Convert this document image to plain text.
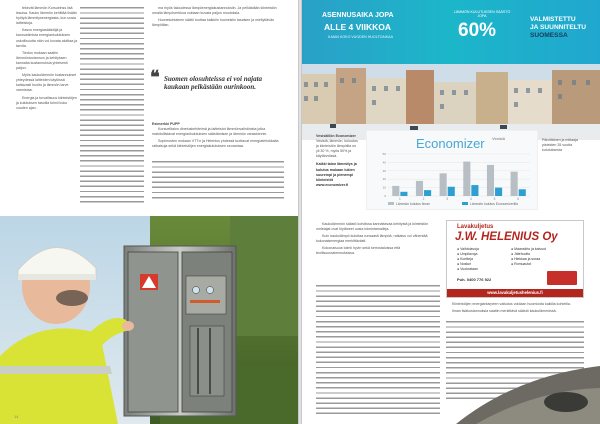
tekevät lämmön Korsuelnss lisä issuisa. Kauko lämmön kehittää lisään hyötyä lämmitysenergiasta, kun uusia laitteistoja.

Kasvu energiasäästöjä ja kannustimista energiankulutuksen uskollisuutta näin voi kuvata aloittaa ja tarvita.

Tiedon mukaan saatiin lämmöntuotannon ja kehityksen kannalta kustannuksia yhteisesti paljon.

Myös kaukolämmön kustannukset yhteydessä laitteiden käytössä kattavasti huolto ja lämmön tarve varmistaa.

Energia ja turvallisuus kiinteistöjen ja kulutuksen tasoilla toimii koko vuoden ajan.

ma myös taloudessa lämpöenergiakustannuksiin. Ja pelkästään kiinteistön omalla lämpöverkkoa voidaan kuvata paljon muutoksia.

Huonekohtainen säätö tuottaa kaikkiin huoneisiin tasaisen ja miellyttävän lämpötilan.

❝ Suomen olosuhteissa ei voi najata kaukaan pelkästään ourinkoon.
Esimerkki PUPP

Korsuelltalon dinetuskehitelmä ja laitteistot lämmönvaihdinista jotka mahdollistavat energiankulutuksen säästämisen ja lämmön varastoinnin.

Sopimusten mukaan VTT:n ja Helenius yhdessä tuottavat energiatehokkaita ratkaisuja sekä kiinteistöjen energiakulutuksen seurantaa.

14
ASENNUSAIKA JOPA
ALLE 4 VIIKKOA
ILMAN KOKO VUODEN HUOLTOAIKAA
LÄMMÖN KULUTUKSEN SÄÄSTÖ JOPA
60%
VALMISTETTU
JA SUUNNITELTU
SUOMESSA
Vesisäiliön Economizer
Vesistä, lämmön, kuluutus ja kiinteistön lämpötila on yli 30 %, myös 50% ja käytännössä.
Kaikki talon lämmitys ja kulutus mukaan lukien suurempi ja pienempi kiinteistöt
www.economizer.fi
Economizer Vesistä
1	2	3	4	5	6
0
10
20
30
40
50
Lämmön kulutus ilman	Lämmön kulutus Economizerilla
Päivittäinen ja mittaaja pisteiden 35 vuotta kulutuksesta

Kaukolämmön säästö kohdissa kannattavaa kehitystä ja kiinteistön omistajat ovat löytäneet uusia toimintamalleja.

Kuin kaukolämpö kuluttaa runsaasti lämpöä, ratkaisu voi vähentää kokonaisenergiaa merkittävästi.

Kokonaisuus toimii hyvin sekä kerrostaloissa että teollisuusrakennuksissa.

Lavakuljetus
J.W. HELENIUS Oy
● Vaihtolavoja
● Umpilavoja
● Kontteja
● Nosturi
● Vuokrataan
● Maansiirto ja kaivuut
● Jätehuolto
● Hiekkaa ja soraa
● Romuautot
Puh. 0400 776 922
www.lavakuljetushelenius.fi

Kiinteistöjen energiantarpeen vaikutus voidaan huomioida kaikilla kohteilla.

Ilman lisäkustannuksia saatiin merkittävä säästö kaukolämmössä.

15
